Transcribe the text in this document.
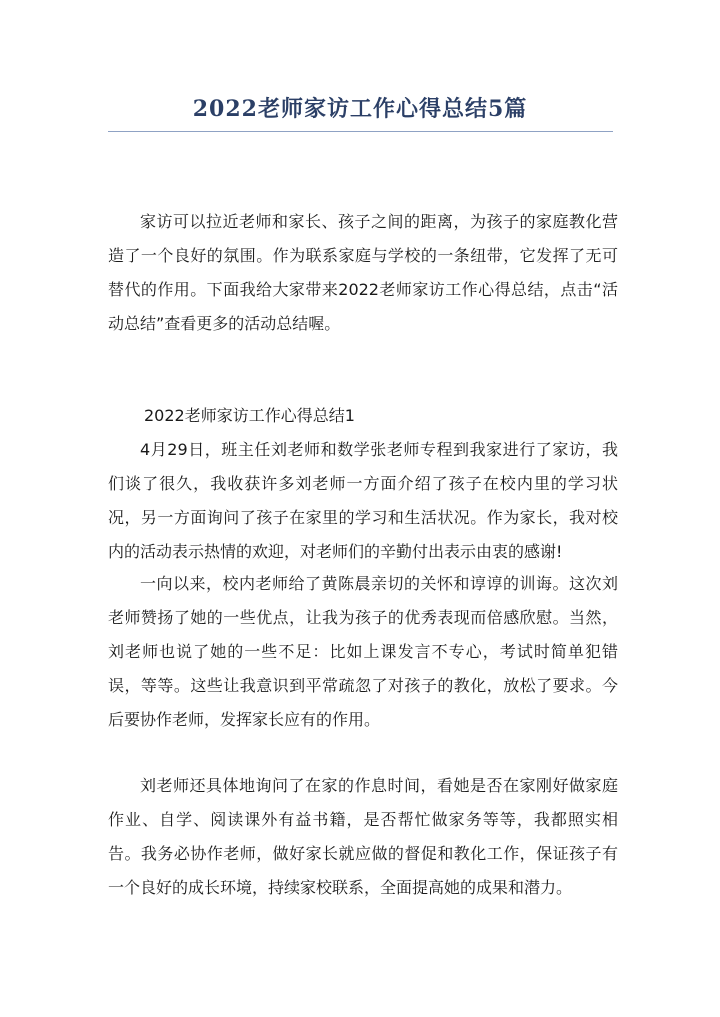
2022老师家访工作心得总结5篇

家访可以拉近老师和家长、孩子之间的距离，为孩子的家庭教化营造了一个良好的氛围。作为联系家庭与学校的一条纽带，它发挥了无可替代的作用。下面我给大家带来2022老师家访工作心得总结，点击“活动总结”查看更多的活动总结喔。

2022老师家访工作心得总结1

4月29日，班主任刘老师和数学张老师专程到我家进行了家访，我们谈了很久，我收获许多刘老师一方面介绍了孩子在校内里的学习状况，另一方面询问了孩子在家里的学习和生活状况。作为家长，我对校内的活动表示热情的欢迎，对老师们的辛勤付出表示由衷的感谢!

一向以来，校内老师给了黄陈晨亲切的关怀和谆谆的训诲。这次刘老师赞扬了她的一些优点，让我为孩子的优秀表现而倍感欣慰。当然，刘老师也说了她的一些不足：比如上课发言不专心，考试时简单犯错误，等等。这些让我意识到平常疏忽了对孩子的教化，放松了要求。今后要协作老师，发挥家长应有的作用。

刘老师还具体地询问了在家的作息时间，看她是否在家刚好做家庭作业、自学、阅读课外有益书籍，是否帮忙做家务等等，我都照实相告。我务必协作老师，做好家长就应做的督促和教化工作，保证孩子有一个良好的成长环境，持续家校联系，全面提高她的成果和潜力。
